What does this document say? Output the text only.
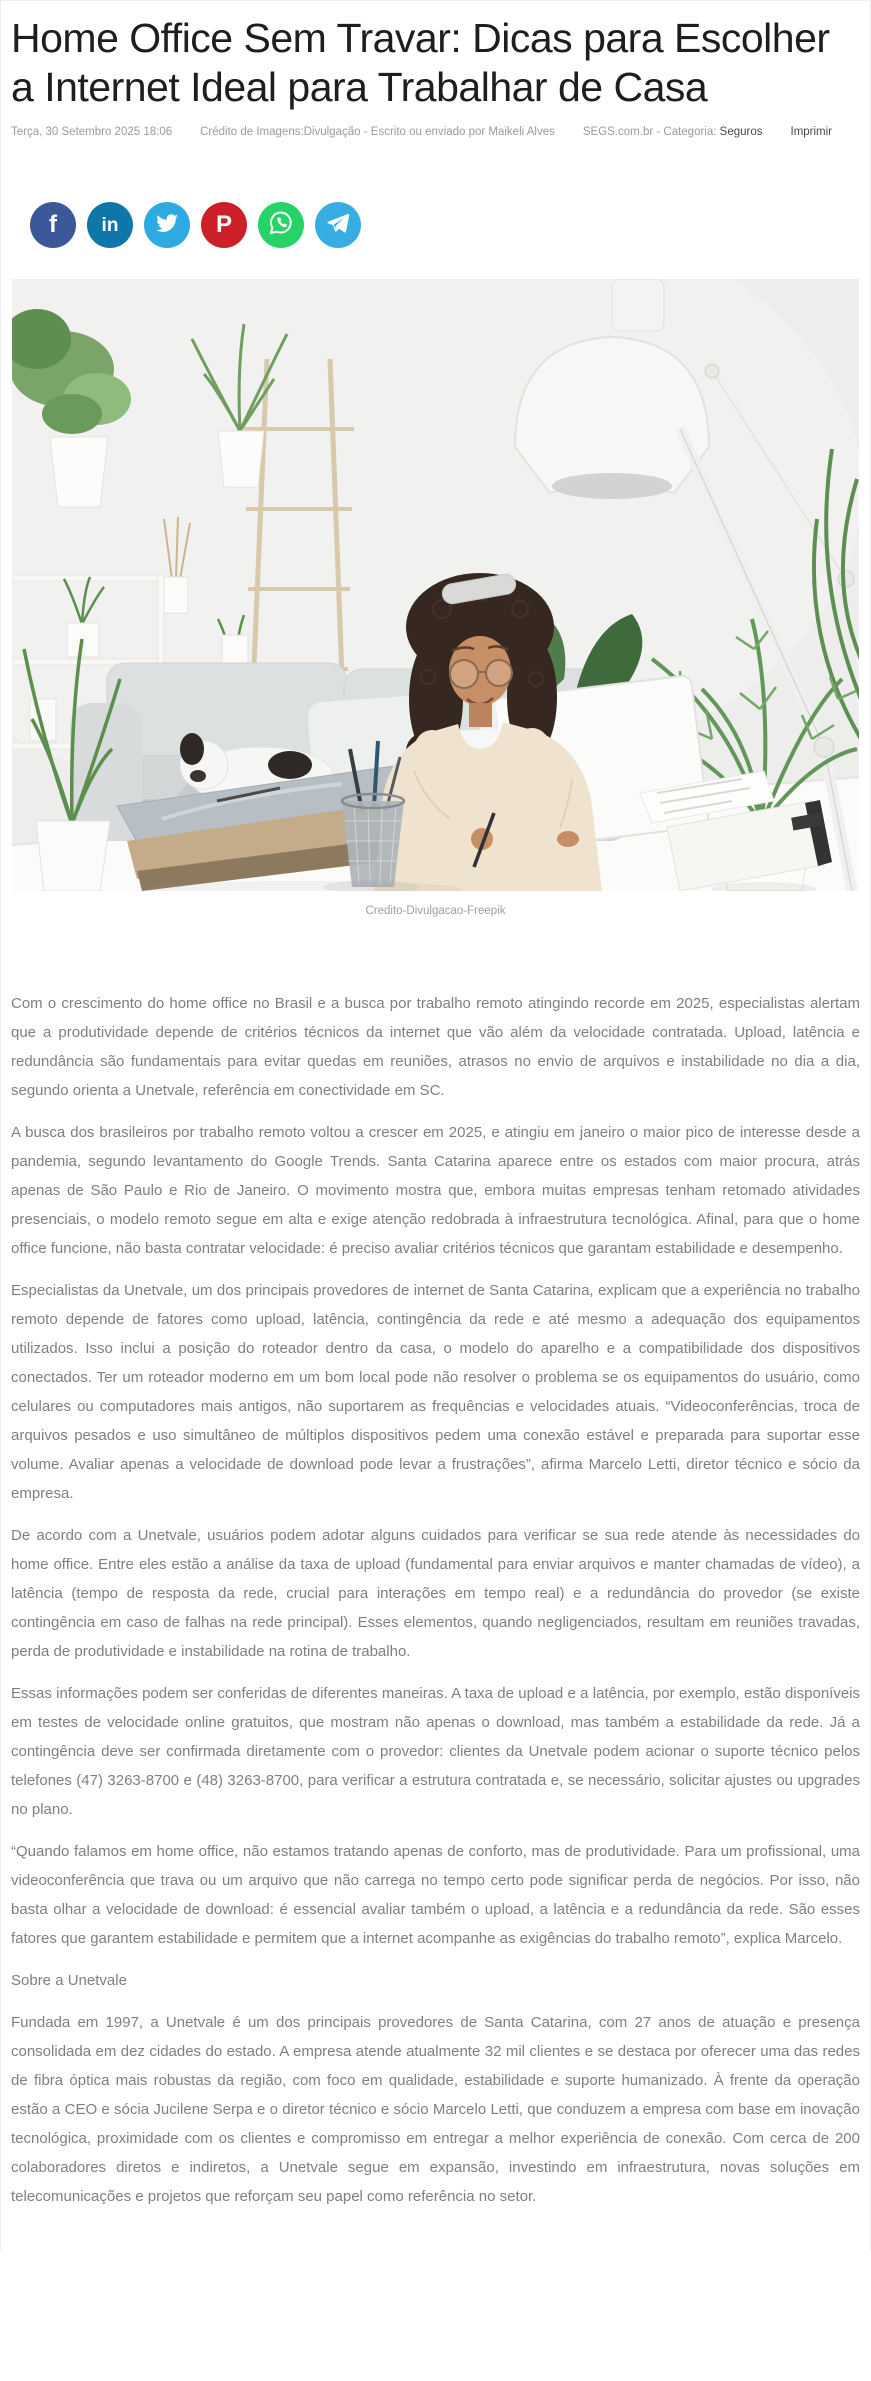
Home Office Sem Travar: Dicas para Escolher a Internet Ideal para Trabalhar de Casa
Terça, 30 Setembro 2025 18:06 Crédito de Imagens:Divulgação - Escrito ou enviado por Maikeli Alves SEGS.com.br - Categoria: Seguros Imprimir
f in	P
Credito-Divulgacao-Freepik

Com o crescimento do home office no Brasil e a busca por trabalho remoto atingindo recorde em 2025, especialistas alertam que a produtividade depende de critérios técnicos da internet que vão além da velocidade contratada. Upload, latência e redundância são fundamentais para evitar quedas em reuniões, atrasos no envio de arquivos e instabilidade no dia a dia, segundo orienta a Unetvale, referência em conectividade em SC.

A busca dos brasileiros por trabalho remoto voltou a crescer em 2025, e atingiu em janeiro o maior pico de interesse desde a pandemia, segundo levantamento do Google Trends. Santa Catarina aparece entre os estados com maior procura, atrás apenas de São Paulo e Rio de Janeiro. O movimento mostra que, embora muitas empresas tenham retomado atividades presenciais, o modelo remoto segue em alta e exige atenção redobrada à infraestrutura tecnológica. Afinal, para que o home office funcione, não basta contratar velocidade: é preciso avaliar critérios técnicos que garantam estabilidade e desempenho.

Especialistas da Unetvale, um dos principais provedores de internet de Santa Catarina, explicam que a experiência no trabalho remoto depende de fatores como upload, latência, contingência da rede e até mesmo a adequação dos equipamentos utilizados. Isso inclui a posição do roteador dentro da casa, o modelo do aparelho e a compatibilidade dos dispositivos conectados. Ter um roteador moderno em um bom local pode não resolver o problema se os equipamentos do usuário, como celulares ou computadores mais antigos, não suportarem as frequências e velocidades atuais. “Videoconferências, troca de arquivos pesados e uso simultâneo de múltiplos dispositivos pedem uma conexão estável e preparada para suportar esse volume. Avaliar apenas a velocidade de download pode levar a frustrações”, afirma Marcelo Letti, diretor técnico e sócio da empresa.

De acordo com a Unetvale, usuários podem adotar alguns cuidados para verificar se sua rede atende às necessidades do home office. Entre eles estão a análise da taxa de upload (fundamental para enviar arquivos e manter chamadas de vídeo), a latência (tempo de resposta da rede, crucial para interações em tempo real) e a redundância do provedor (se existe contingência em caso de falhas na rede principal). Esses elementos, quando negligenciados, resultam em reuniões travadas, perda de produtividade e instabilidade na rotina de trabalho.

Essas informações podem ser conferidas de diferentes maneiras. A taxa de upload e a latência, por exemplo, estão disponíveis em testes de velocidade online gratuitos, que mostram não apenas o download, mas também a estabilidade da rede. Já a contingência deve ser confirmada diretamente com o provedor: clientes da Unetvale podem acionar o suporte técnico pelos telefones (47) 3263-8700 e (48) 3263-8700, para verificar a estrutura contratada e, se necessário, solicitar ajustes ou upgrades no plano.

“Quando falamos em home office, não estamos tratando apenas de conforto, mas de produtividade. Para um profissional, uma videoconferência que trava ou um arquivo que não carrega no tempo certo pode significar perda de negócios. Por isso, não basta olhar a velocidade de download: é essencial avaliar também o upload, a latência e a redundância da rede. São esses fatores que garantem estabilidade e permitem que a internet acompanhe as exigências do trabalho remoto”, explica Marcelo.

Sobre a Unetvale

Fundada em 1997, a Unetvale é um dos principais provedores de Santa Catarina, com 27 anos de atuação e presença consolidada em dez cidades do estado. A empresa atende atualmente 32 mil clientes e se destaca por oferecer uma das redes de fibra óptica mais robustas da região, com foco em qualidade, estabilidade e suporte humanizado. À frente da operação estão a CEO e sócia Jucilene Serpa e o diretor técnico e sócio Marcelo Letti, que conduzem a empresa com base em inovação tecnológica, proximidade com os clientes e compromisso em entregar a melhor experiência de conexão. Com cerca de 200 colaboradores diretos e indiretos, a Unetvale segue em expansão, investindo em infraestrutura, novas soluções em telecomunicações e projetos que reforçam seu papel como referência no setor.
